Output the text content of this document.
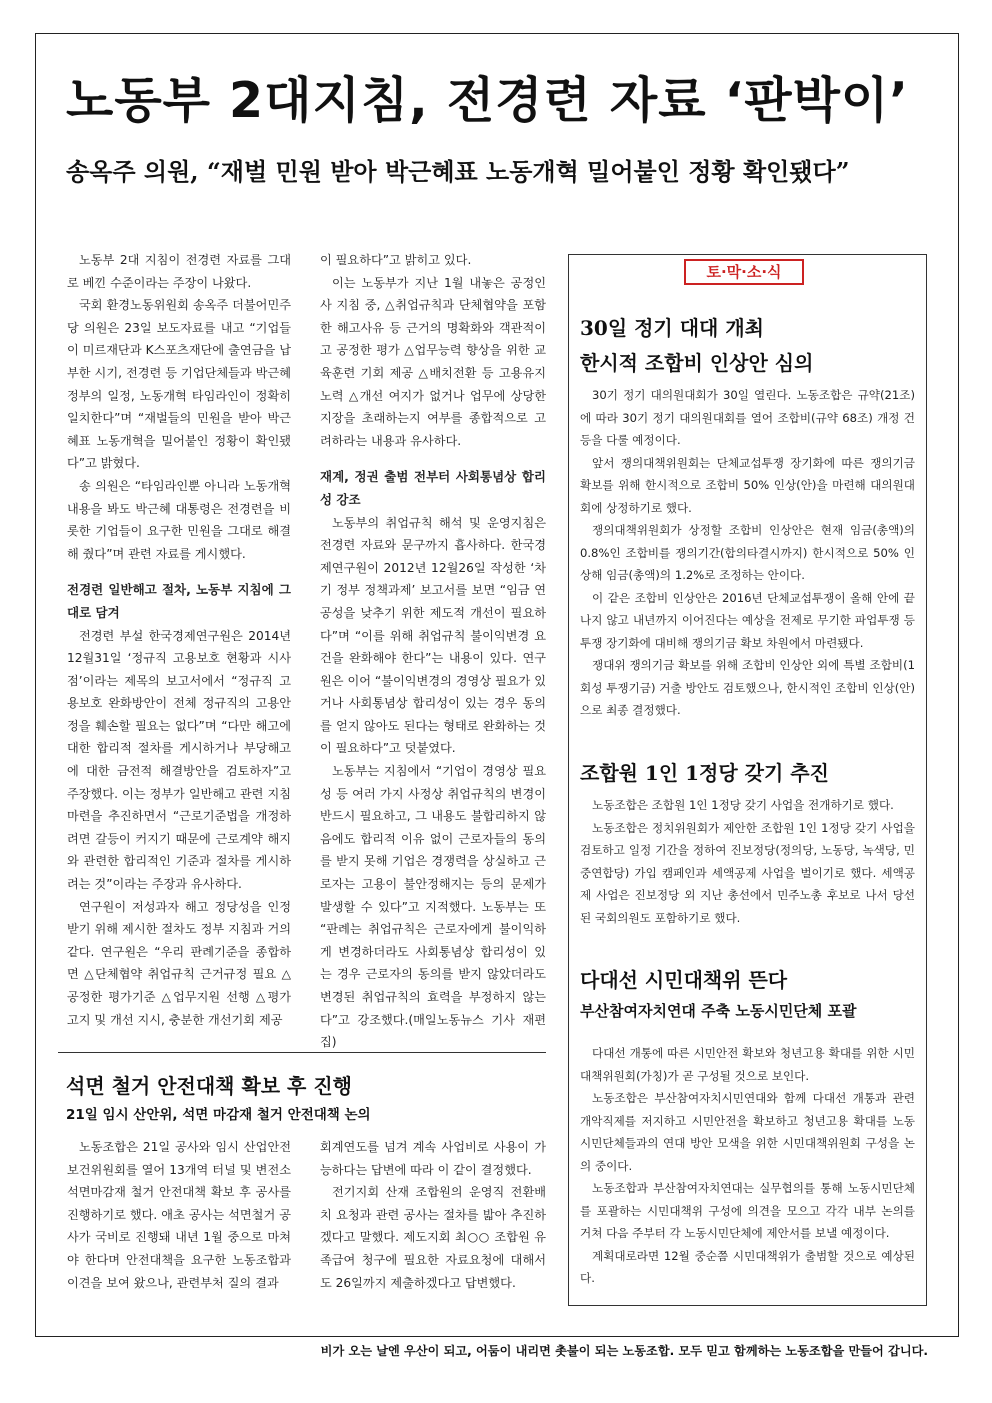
노동부 2대지침, 전경련 자료 ‘판박이’
송옥주 의원, “재벌 민원 받아 박근혜표 노동개혁 밀어붙인 정황 확인됐다”

노동부 2대 지침이 전경련 자료를 그대로 베낀 수준이라는 주장이 나왔다.

국회 환경노동위원회 송옥주 더불어민주당 의원은 23일 보도자료를 내고 “기업들이 미르재단과 K스포츠재단에 출연금을 납부한 시기, 전경련 등 기업단체들과 박근혜 정부의 일정, 노동개혁 타임라인이 정확히 일치한다”며 “재벌들의 민원을 받아 박근혜표 노동개혁을 밀어붙인 정황이 확인됐다”고 밝혔다.

송 의원은 “타임라인뿐 아니라 노동개혁 내용을 봐도 박근혜 대통령은 전경련을 비롯한 기업들이 요구한 민원을 그대로 해결해 줬다”며 관련 자료를 게시했다.

전경련 일반해고 절차, 노동부 지침에 그대로 담겨

전경련 부설 한국경제연구원은 2014년 12월31일 ‘정규직 고용보호 현황과 시사점’이라는 제목의 보고서에서 “정규직 고용보호 완화방안이 전체 정규직의 고용안정을 훼손할 필요는 없다”며 “다만 해고에 대한 합리적 절차를 게시하거나 부당해고에 대한 금전적 해결방안을 검토하자”고 주장했다. 이는 정부가 일반해고 관련 지침 마련을 추진하면서 “근로기준법을 개정하려면 갈등이 커지기 때문에 근로계약 해지와 관련한 합리적인 기준과 절차를 게시하려는 것”이라는 주장과 유사하다.

연구원이 저성과자 해고 정당성을 인정받기 위해 제시한 절차도 정부 지침과 거의 같다. 연구원은 “우리 판례기준을 종합하면 △단체협약 취업규칙 근거규정 필요 △공정한 평가기준 △업무지원 선행 △평가 고지 및 개선 지시, 충분한 개선기회 제공

이 필요하다”고 밝히고 있다.

이는 노동부가 지난 1월 내놓은 공정인사 지침 중, △취업규칙과 단체협약을 포함한 해고사유 등 근거의 명확화와 객관적이고 공정한 평가 △업무능력 향상을 위한 교육훈련 기회 제공 △배치전환 등 고용유지 노력 △개선 여지가 없거나 업무에 상당한 지장을 초래하는지 여부를 종합적으로 고려하라는 내용과 유사하다.

재계, 정권 출범 전부터 사회통념상 합리성 강조

노동부의 취업규칙 해석 및 운영지침은 전경련 자료와 문구까지 흡사하다. 한국경제연구원이 2012년 12월26일 작성한 ‘차기 정부 정책과제’ 보고서를 보면 “임금 연공성을 낮추기 위한 제도적 개선이 필요하다”며 “이를 위해 취업규칙 불이익변경 요건을 완화해야 한다”는 내용이 있다. 연구원은 이어 “불이익변경의 경영상 필요가 있거나 사회통념상 합리성이 있는 경우 동의를 얻지 않아도 된다는 형태로 완화하는 것이 필요하다”고 덧붙였다.

노동부는 지침에서 “기업이 경영상 필요성 등 여러 가지 사정상 취업규칙의 변경이 반드시 필요하고, 그 내용도 불합리하지 않음에도 합리적 이유 없이 근로자들의 동의를 받지 못해 기업은 경쟁력을 상실하고 근로자는 고용이 불안정해지는 등의 문제가 발생할 수 있다”고 지적했다. 노동부는 또 “판례는 취업규칙은 근로자에게 불이익하게 변경하더라도 사회통념상 합리성이 있는 경우 근로자의 동의를 받지 않았더라도 변경된 취업규칙의 효력을 부정하지 않는다”고 강조했다.(매일노동뉴스 기사 재편집)

석면 철거 안전대책 확보 후 진행
21일 임시 산안위, 석면 마감재 철거 안전대책 논의

노동조합은 21일 공사와 임시 산업안전보건위원회를 열어 13개역 터널 및 변전소 석면마감재 철거 안전대책 확보 후 공사를 진행하기로 했다. 애초 공사는 석면철거 공사가 국비로 진행돼 내년 1월 중으로 마쳐야 한다며 안전대책을 요구한 노동조합과 이견을 보여 왔으나, 관련부처 질의 결과

회계연도를 넘겨 계속 사업비로 사용이 가능하다는 답변에 따라 이 같이 결정했다.

전기지회 산재 조합원의 운영직 전환배치 요청과 관련 공사는 절차를 밟아 추진하겠다고 말했다. 제도지회 최○○ 조합원 유족급여 청구에 필요한 자료요청에 대해서도 26일까지 제출하겠다고 답변했다.

토·막·소·식
30일 정기 대대 개최
한시적 조합비 인상안 심의

30기 정기 대의원대회가 30일 열린다. 노동조합은 규약(21조)에 따라 30기 정기 대의원대회를 열어 조합비(규약 68조) 개정 건 등을 다룰 예정이다.

앞서 쟁의대책위원회는 단체교섭투쟁 장기화에 따른 쟁의기금 확보를 위해 한시적으로 조합비 50% 인상(안)을 마련해 대의원대회에 상정하기로 했다.

쟁의대책위원회가 상정할 조합비 인상안은 현재 임금(총액)의 0.8%인 조합비를 쟁의기간(합의타결시까지) 한시적으로 50% 인상해 임금(총액)의 1.2%로 조정하는 안이다.

이 같은 조합비 인상안은 2016년 단체교섭투쟁이 올해 안에 끝나지 않고 내년까지 이어진다는 예상을 전제로 무기한 파업투쟁 등 투쟁 장기화에 대비해 쟁의기금 확보 차원에서 마련됐다.

쟁대위 쟁의기금 확보를 위해 조합비 인상안 외에 특별 조합비(1회성 투쟁기금) 거출 방안도 검토했으나, 한시적인 조합비 인상(안)으로 최종 결정했다.

조합원 1인 1정당 갖기 추진

노동조합은 조합원 1인 1정당 갖기 사업을 전개하기로 했다.

노동조합은 정치위원회가 제안한 조합원 1인 1정당 갖기 사업을 검토하고 일정 기간을 정하여 진보정당(정의당, 노동당, 녹색당, 민중연합당) 가입 캠페인과 세액공제 사업을 벌이기로 했다. 세액공제 사업은 진보정당 외 지난 총선에서 민주노총 후보로 나서 당선된 국회의원도 포함하기로 했다.

다대선 시민대책위 뜬다
부산참여자치연대 주축 노동시민단체 포괄

다대선 개통에 따른 시민안전 확보와 청년고용 확대를 위한 시민대책위원회(가칭)가 곧 구성될 것으로 보인다.

노동조합은 부산참여자치시민연대와 함께 다대선 개통과 관련 개악직제를 저지하고 시민안전을 확보하고 청년고용 확대를 노동시민단체들과의 연대 방안 모색을 위한 시민대책위원회 구성을 논의 중이다.

노동조합과 부산참여자치연대는 실무협의를 통해 노동시민단체를 포괄하는 시민대책위 구성에 의견을 모으고 각각 내부 논의를 거쳐 다음 주부터 각 노동시민단체에 제안서를 보낼 예정이다.

계획대로라면 12월 중순쯤 시민대책위가 출범할 것으로 예상된다.

비가 오는 날엔 우산이 되고, 어둠이 내리면 촛불이 되는 노동조합. 모두 믿고 함께하는 노동조합을 만들어 갑니다.
